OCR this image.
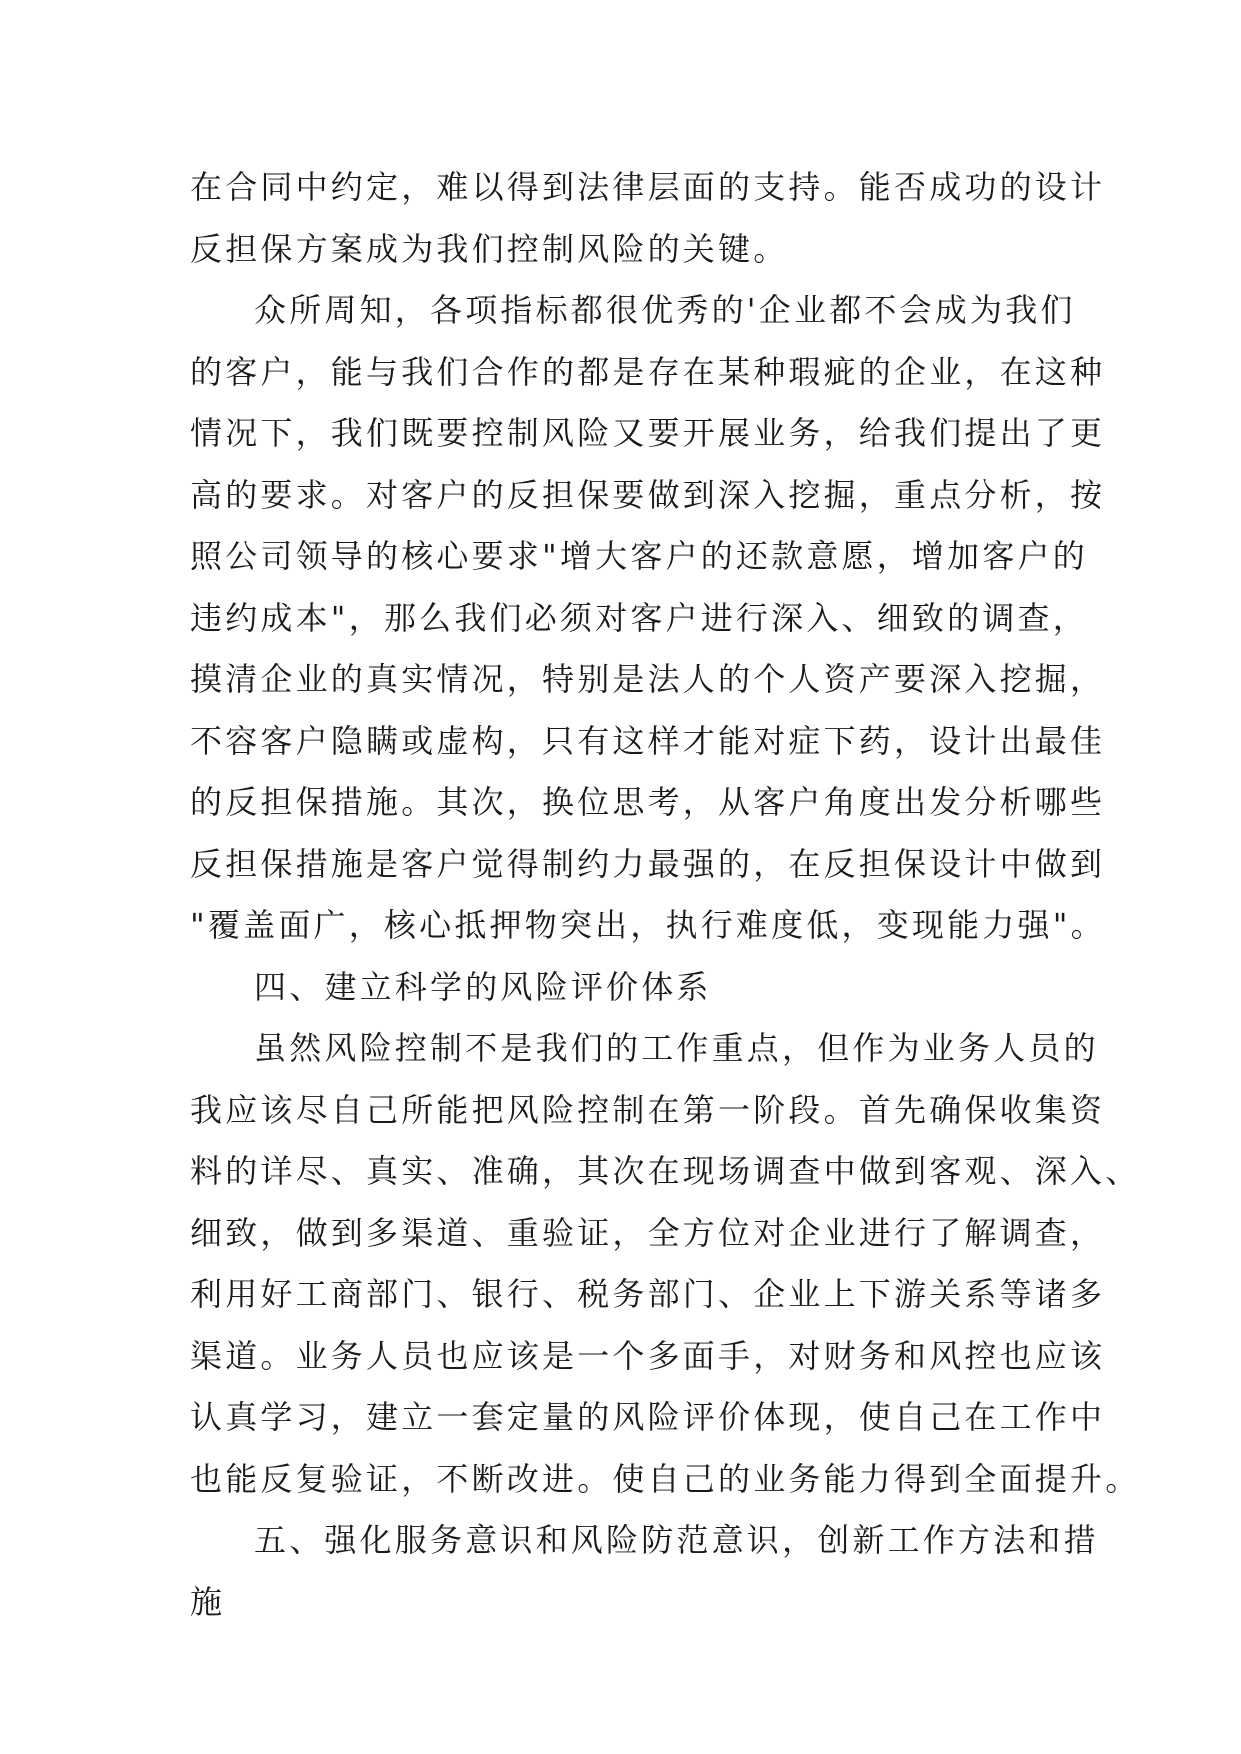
在合同中约定，难以得到法律层面的支持。能否成功的设计
反担保方案成为我们控制风险的关键。
众所周知，各项指标都很优秀的'企业都不会成为我们
的客户，能与我们合作的都是存在某种瑕疵的企业，在这种
情况下，我们既要控制风险又要开展业务，给我们提出了更
高的要求。对客户的反担保要做到深入挖掘，重点分析，按
照公司领导的核心要求"增大客户的还款意愿，增加客户的
违约成本"，那么我们必须对客户进行深入、细致的调查，
摸清企业的真实情况，特别是法人的个人资产要深入挖掘，
不容客户隐瞒或虚构，只有这样才能对症下药，设计出最佳
的反担保措施。其次，换位思考，从客户角度出发分析哪些
反担保措施是客户觉得制约力最强的，在反担保设计中做到
"覆盖面广，核心抵押物突出，执行难度低，变现能力强"。
四、建立科学的风险评价体系
虽然风险控制不是我们的工作重点，但作为业务人员的
我应该尽自己所能把风险控制在第一阶段。首先确保收集资
料的详尽、真实、准确，其次在现场调查中做到客观、深入、
细致，做到多渠道、重验证，全方位对企业进行了解调查，
利用好工商部门、银行、税务部门、企业上下游关系等诸多
渠道。业务人员也应该是一个多面手，对财务和风控也应该
认真学习，建立一套定量的风险评价体现，使自己在工作中
也能反复验证，不断改进。使自己的业务能力得到全面提升。
五、强化服务意识和风险防范意识，创新工作方法和措
施
